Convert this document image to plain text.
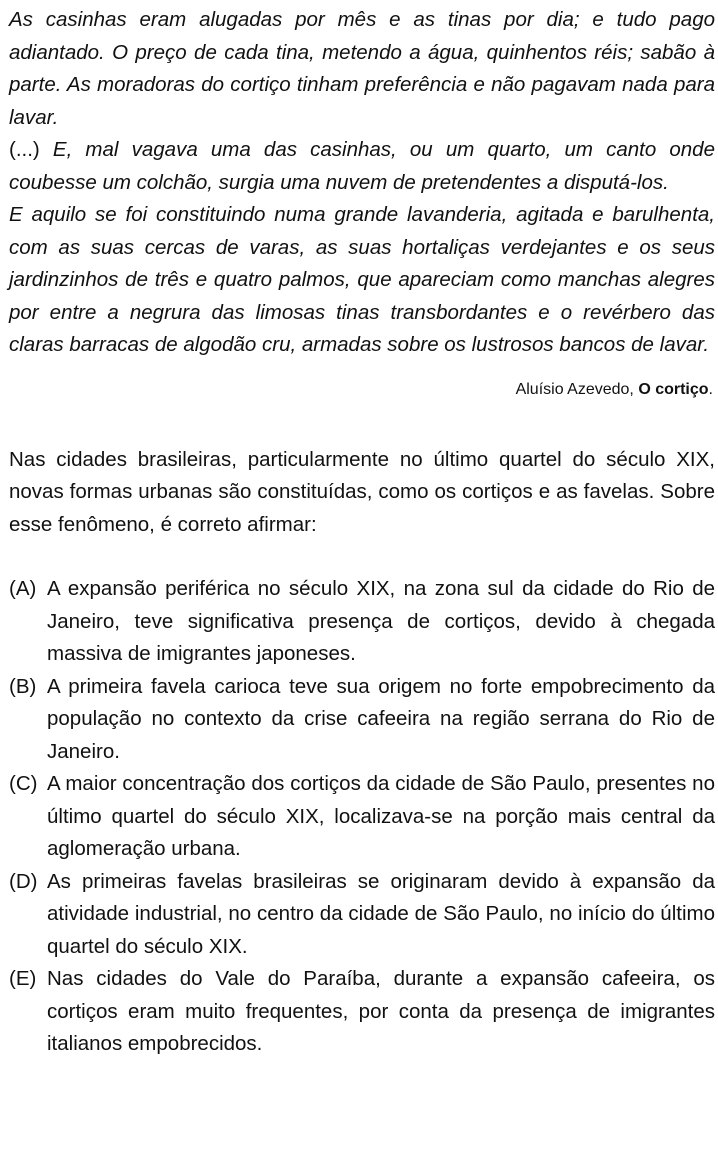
As casinhas eram alugadas por mês e as tinas por dia; e tudo pago adiantado. O preço de cada tina, metendo a água, quinhentos réis; sabão à parte. As moradoras do cortiço tinham preferência e não pagavam nada para lavar.

(...) E, mal vagava uma das casinhas, ou um quarto, um canto onde coubesse um colchão, surgia uma nuvem de pretendentes a disputá-los.

E aquilo se foi constituindo numa grande lavanderia, agitada e barulhenta, com as suas cercas de varas, as suas hortaliças verdejantes e os seus jardinzinhos de três e quatro palmos, que apareciam como manchas alegres por entre a negrura das limosas tinas transbordantes e o revérbero das claras barracas de algodão cru, armadas sobre os lustrosos bancos de lavar.

Aluísio Azevedo, O cortiço.
Nas cidades brasileiras, particularmente no último quartel do século XIX, novas formas urbanas são constituídas, como os cortiços e as favelas. Sobre esse fenômeno, é correto afirmar:
(A) A expansão periférica no século XIX, na zona sul da cidade do Rio de Janeiro, teve significativa presença de cortiços, devido à chegada massiva de imigrantes japoneses.
(B) A primeira favela carioca teve sua origem no forte empobrecimento da população no contexto da crise cafeeira na região serrana do Rio de Janeiro.
(C) A maior concentração dos cortiços da cidade de São Paulo, presentes no último quartel do século XIX, localizava-se na porção mais central da aglomeração urbana.
(D) As primeiras favelas brasileiras se originaram devido à expansão da atividade industrial, no centro da cidade de São Paulo, no início do último quartel do século XIX.
(E) Nas cidades do Vale do Paraíba, durante a expansão cafeeira, os cortiços eram muito frequentes, por conta da presença de imigrantes italianos empobrecidos.
